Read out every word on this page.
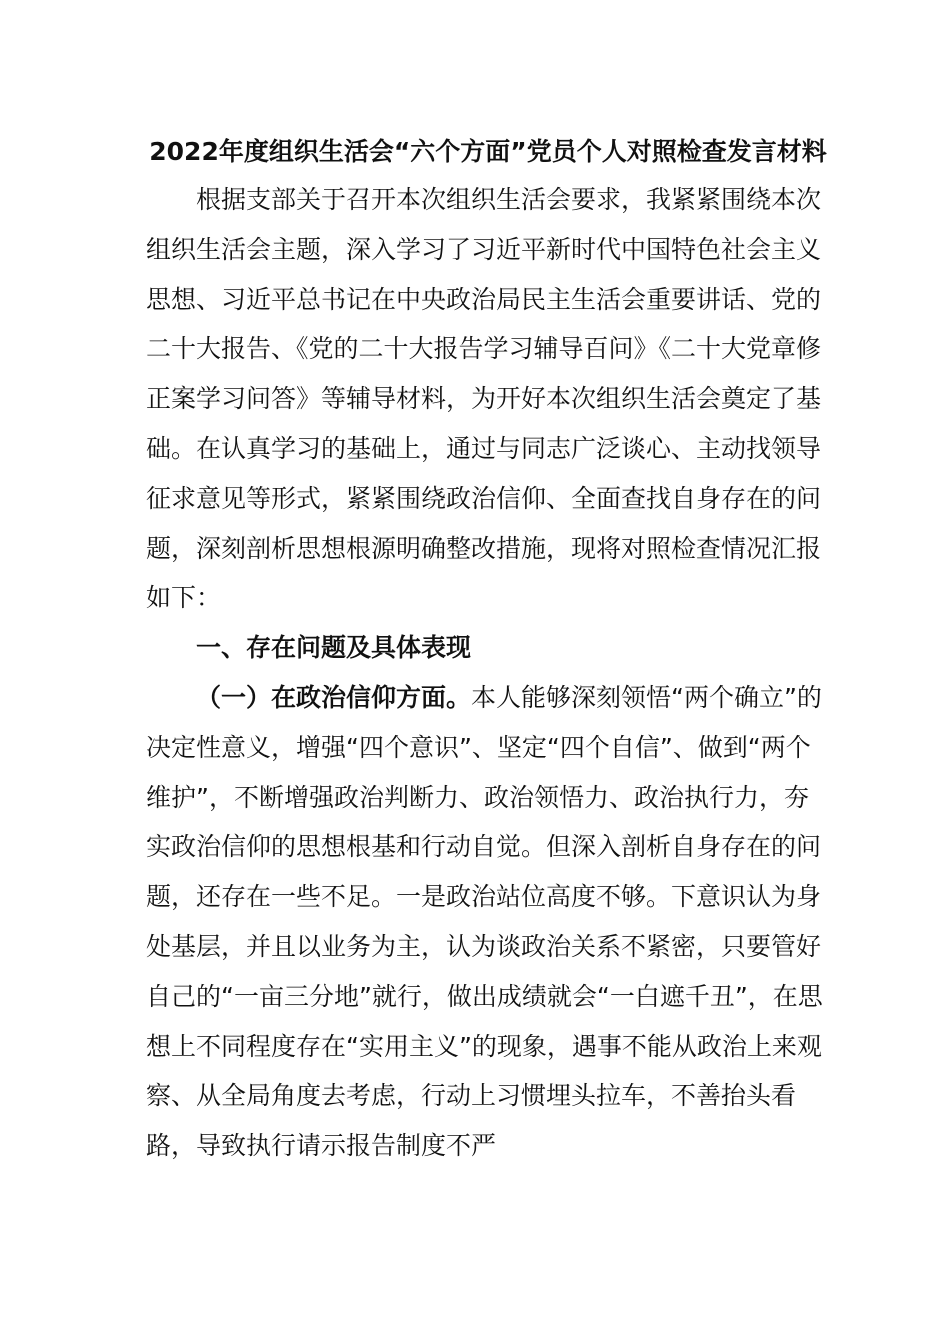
2022年度组织生活会“六个方面”党员个人对照检查发言材料

根据支部关于召开本次组织生活会要求，我紧紧围绕本次组织生活会主题，深入学习了习近平新时代中国特色社会主义思想、习近平总书记在中央政治局民主生活会重要讲话、党的二十大报告、《党的二十大报告学习辅导百问》《二十大党章修正案学习问答》等辅导材料，为开好本次组织生活会奠定了基础。在认真学习的基础上，通过与同志广泛谈心、主动找领导征求意见等形式，紧紧围绕政治信仰、全面查找自身存在的问题，深刻剖析思想根源明确整改措施，现将对照检查情况汇报如下：

一、存在问题及具体表现

（一）在政治信仰方面。本人能够深刻领悟“两个确立”的决定性意义，增强“四个意识”、坚定“四个自信”、做到“两个维护”，不断增强政治判断力、政治领悟力、政治执行力，夯实政治信仰的思想根基和行动自觉。但深入剖析自身存在的问题，还存在一些不足。一是政治站位高度不够。下意识认为身处基层，并且以业务为主，认为谈政治关系不紧密，只要管好自己的“一亩三分地”就行，做出成绩就会“一白遮千丑”，在思想上不同程度存在“实用主义”的现象，遇事不能从政治上来观察、从全局角度去考虑，行动上习惯埋头拉车，不善抬头看路，导致执行请示报告制度不严
